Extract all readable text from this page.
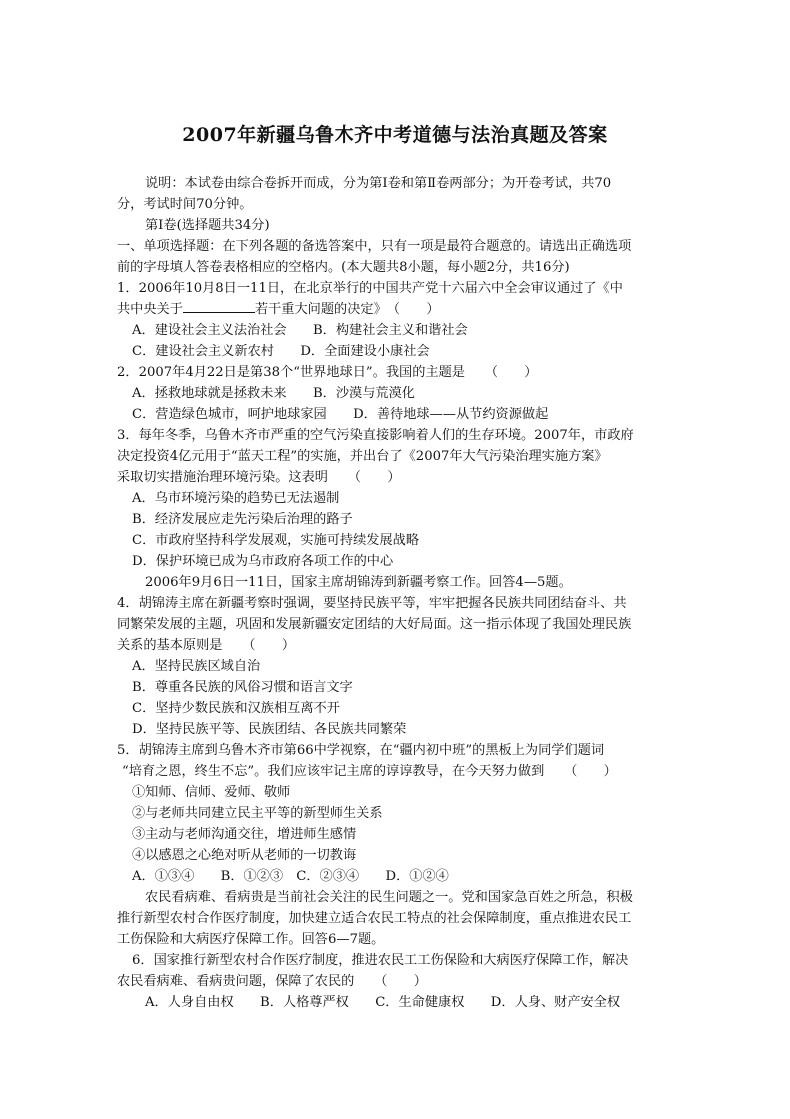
2007年新疆乌鲁木齐中考道德与法治真题及答案
说明：本试卷由综合卷拆开而成，分为第Ⅰ卷和第Ⅱ卷两部分；为开卷考试，共70
分，考试时间70分钟。
第Ⅰ卷(选择题共34分)
一、单项选择题：在下列各题的备选答案中，只有一项是最符合题意的。请选出正确选项
前的字母填人答卷表格相应的空格内。(本大题共8小题，每小题2分，共16分)
1．2006年10月8日一11日，在北京举行的中国共产党十六届六中全会审议通过了《中
共中央关于	若干重大问题的决定》　（　　）
A．建设社会主义法治社会　　B．构建社会主义和谐社会
C．建设社会主义新农村　　D．全面建设小康社会
2．2007年4月22日是第38个“世界地球日”。我国的主题是　　（　　）
A．拯救地球就是拯救未来　　B．沙漠与荒漠化
C．营造绿色城市，呵护地球家园　　D．善待地球——从节约资源做起
3．每年冬季，乌鲁木齐市严重的空气污染直接影响着人们的生存环境。2007年，市政府
决定投资4亿元用于“蓝天工程”的实施，并出台了《2007年大气污染治理实施方案》
采取切实措施治理环境污染。这表明　　（　　）
A．乌市环境污染的趋势已无法遏制
B．经济发展应走先污染后治理的路子
C．市政府坚持科学发展观，实施可持续发展战略
D．保护环境已成为乌市政府各项工作的中心
2006年9月6日一11日，国家主席胡锦涛到新疆考察工作。回答4—5题。
4．胡锦涛主席在新疆考察时强调，要坚持民族平等，牢牢把握各民族共同团结奋斗、共
同繁荣发展的主题，巩固和发展新疆安定团结的大好局面。这一指示体现了我国处理民族
关系的基本原则是　　（　　）
A．坚持民族区域自治
B．尊重各民族的风俗习惯和语言文字
C．坚持少数民族和汉族相互离不开
D．坚持民族平等、民族团结、各民族共同繁荣
5．胡锦涛主席到乌鲁木齐市第66中学视察，在“疆内初中班”的黑板上为同学们题词
“培育之恩，终生不忘”。我们应该牢记主席的谆谆教导，在今天努力做到　　（　　）
①知师、信师、爱师、敬师
②与老师共同建立民主平等的新型师生关系
③主动与老师沟通交往，增进师生感情
④以感恩之心绝对听从老师的一切教诲
A．①③④　　B．①②③　C．②③④　　D．①②④
农民看病难、看病贵是当前社会关注的民生问题之一。党和国家急百姓之所急，积极
推行新型农村合作医疗制度，加快建立适合农民工特点的社会保障制度，重点推进农民工
工伤保险和大病医疗保障工作。回答6—7题。
6．国家推行新型农村合作医疗制度，推进农民工工伤保险和大病医疗保障工作，解决
农民看病难、看病贵问题，保障了农民的　　（　　）
A．人身自由权　　B．人格尊严权　　C．生命健康权　　D．人身、财产安全权
